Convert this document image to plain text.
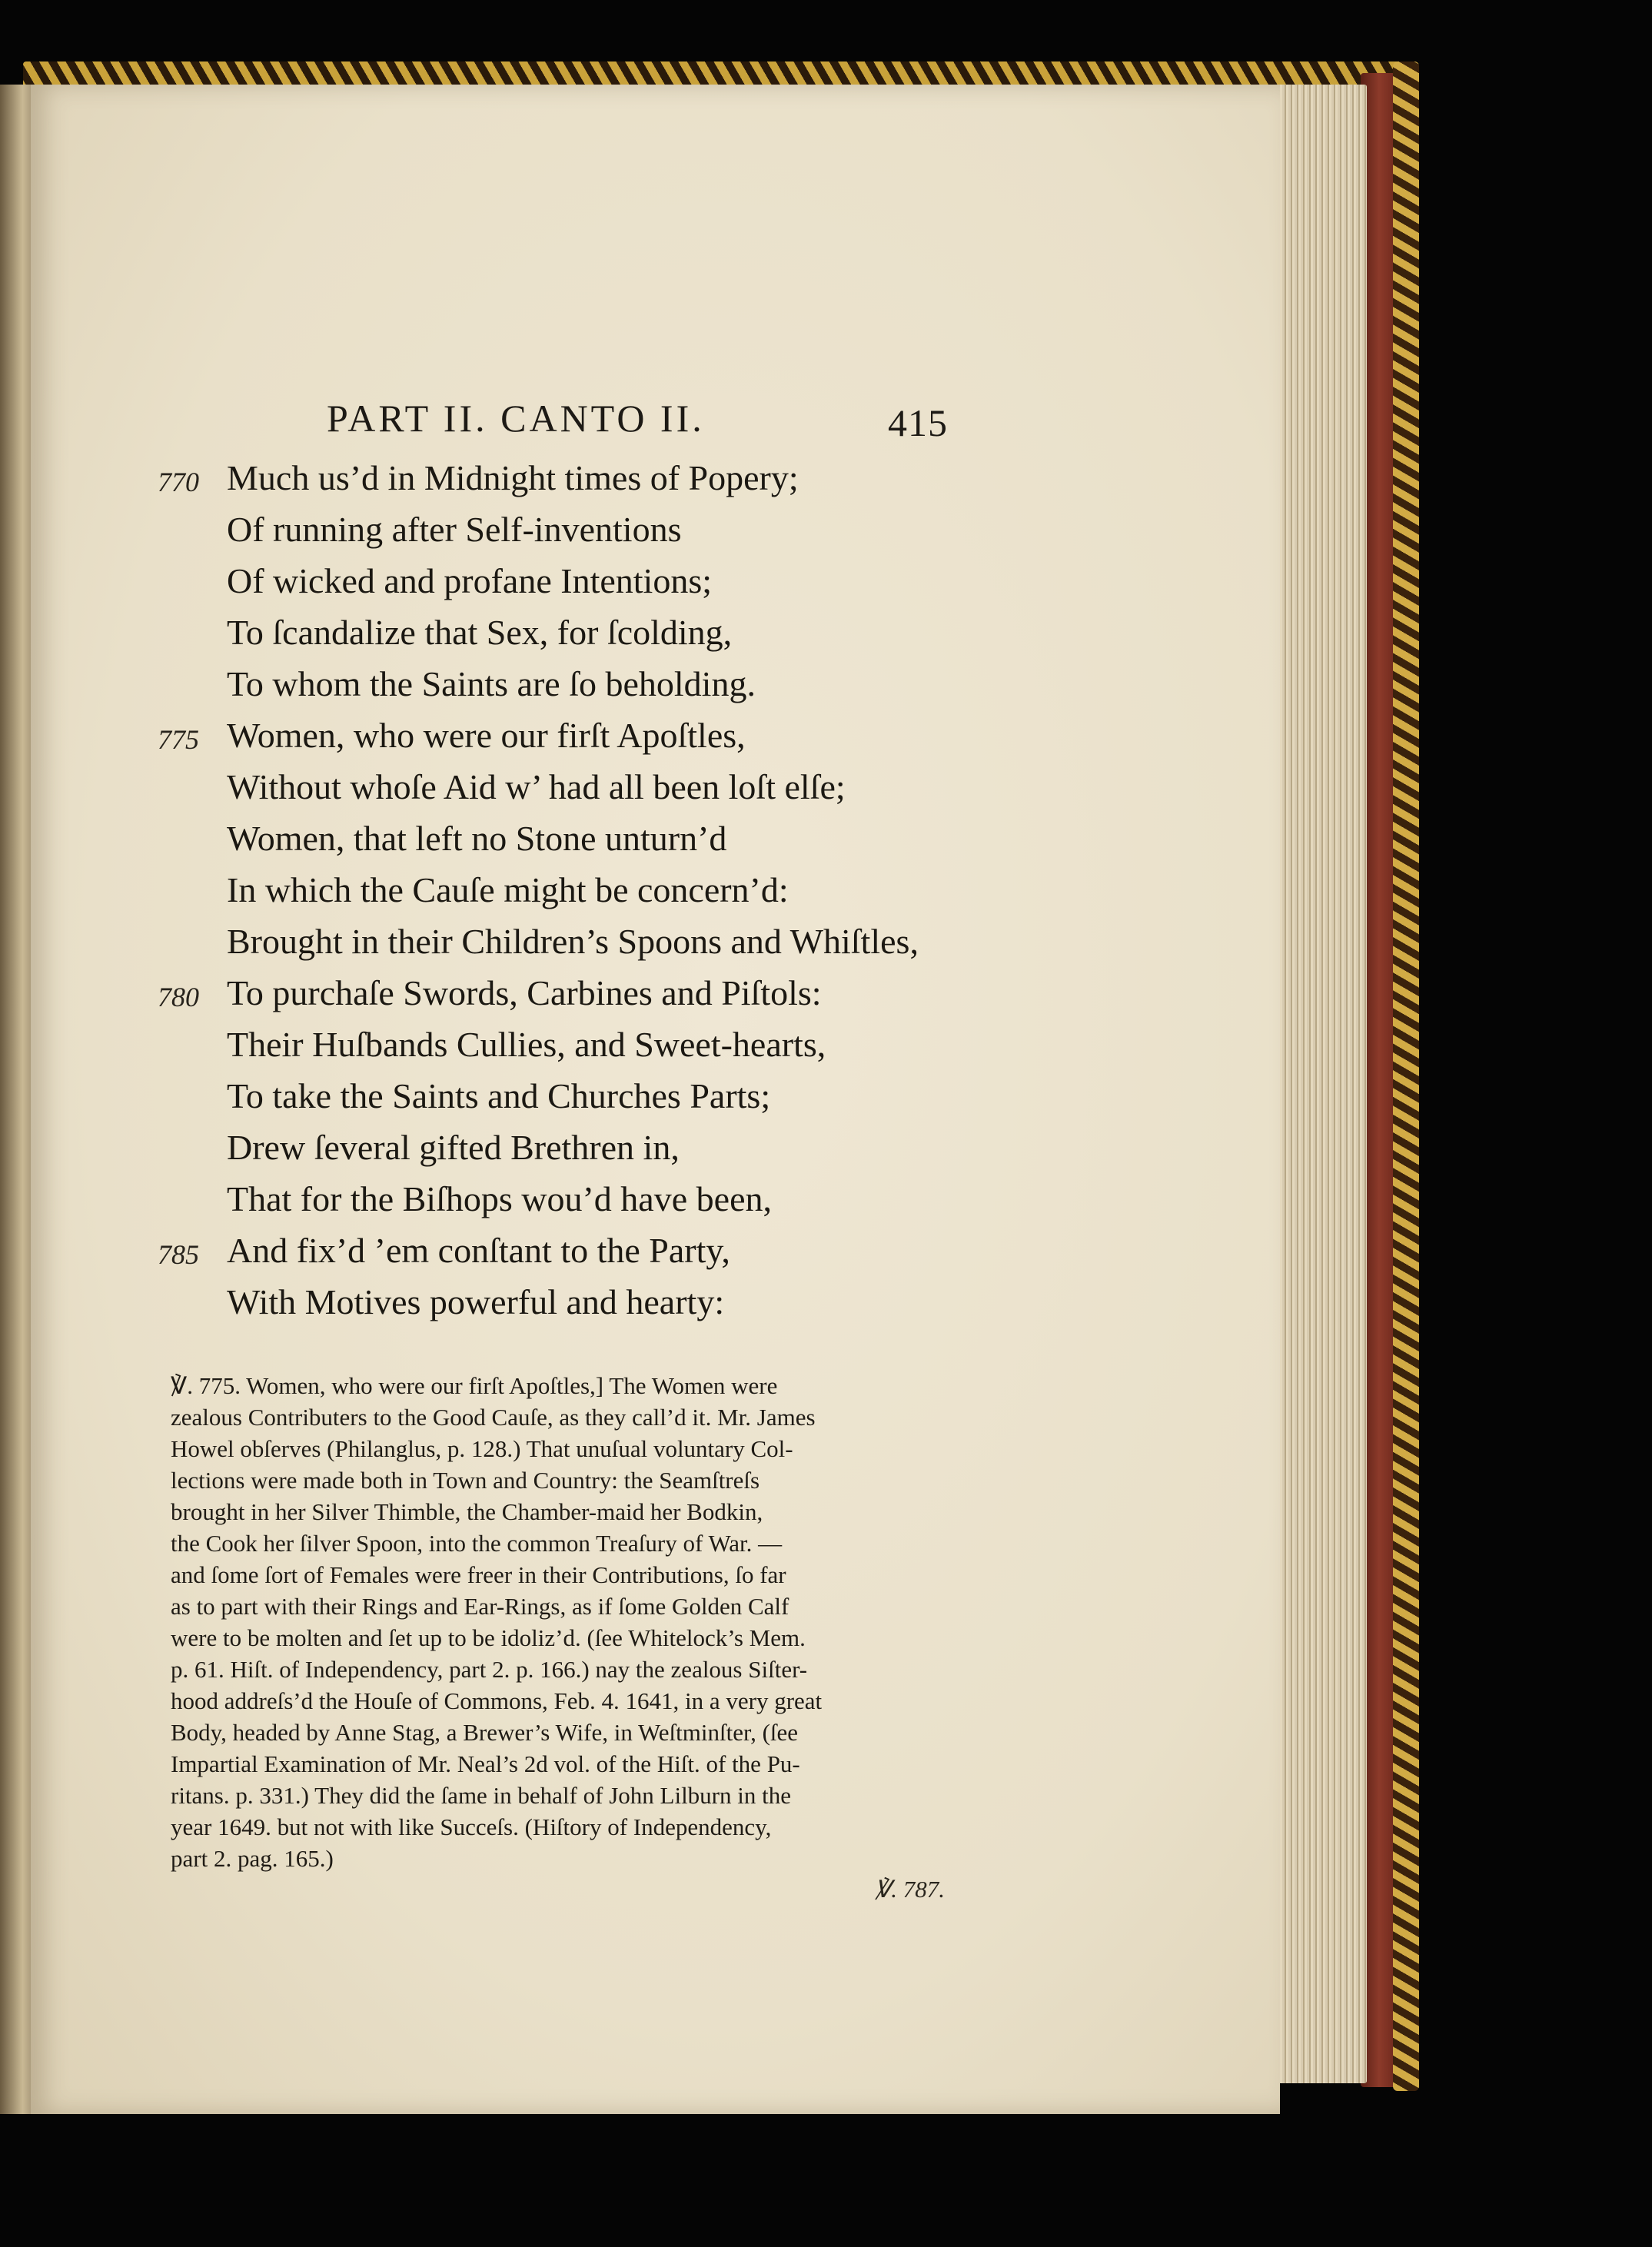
PART II. CANTO II.	415
770 Much us’d in Midnight times of Popery;
Of running after Self-inventions
Of wicked and profane Intentions;
To ſcandalize that Sex, for ſcolding,
To whom the Saints are ſo beholding.
775 Women, who were our firſt Apoſtles,
Without whoſe Aid w’ had all been loſt elſe;
Women, that left no Stone unturn’d
In which the Cauſe might be concern’d:
Brought in their Children’s Spoons and Whiſtles,
780 To purchaſe Swords, Carbines and Piſtols:
Their Huſbands Cullies, and Sweet-hearts,
To take the Saints and Churches Parts;
Drew ſeveral gifted Brethren in,
That for the Biſhops wou’d have been,
785 And fix’d ’em conſtant to the Party,
With Motives powerful and hearty:
℣. 775. Women, who were our firſt Apoſtles,] The Women were
zealous Contributers to the Good Cauſe, as they call’d it. Mr. James
Howel obſerves (Philanglus, p. 128.) That unuſual voluntary Col-
lections were made both in Town and Country: the Seamſtreſs
brought in her Silver Thimble, the Chamber-maid her Bodkin,
the Cook her ſilver Spoon, into the common Treaſury of War. —
and ſome ſort of Females were freer in their Contributions, ſo far
as to part with their Rings and Ear-Rings, as if ſome Golden Calf
were to be molten and ſet up to be idoliz’d. (ſee Whitelock’s Mem.
p. 61. Hiſt. of Independency, part 2. p. 166.) nay the zealous Siſter-
hood addreſs’d the Houſe of Commons, Feb. 4. 1641, in a very great
Body, headed by Anne Stag, a Brewer’s Wife, in Weſtminſter, (ſee
Impartial Examination of Mr. Neal’s 2d vol. of the Hiſt. of the Pu-
ritans. p. 331.) They did the ſame in behalf of John Lilburn in the
year 1649. but not with like Succeſs. (Hiſtory of Independency,
part 2. pag. 165.)
℣. 787.
